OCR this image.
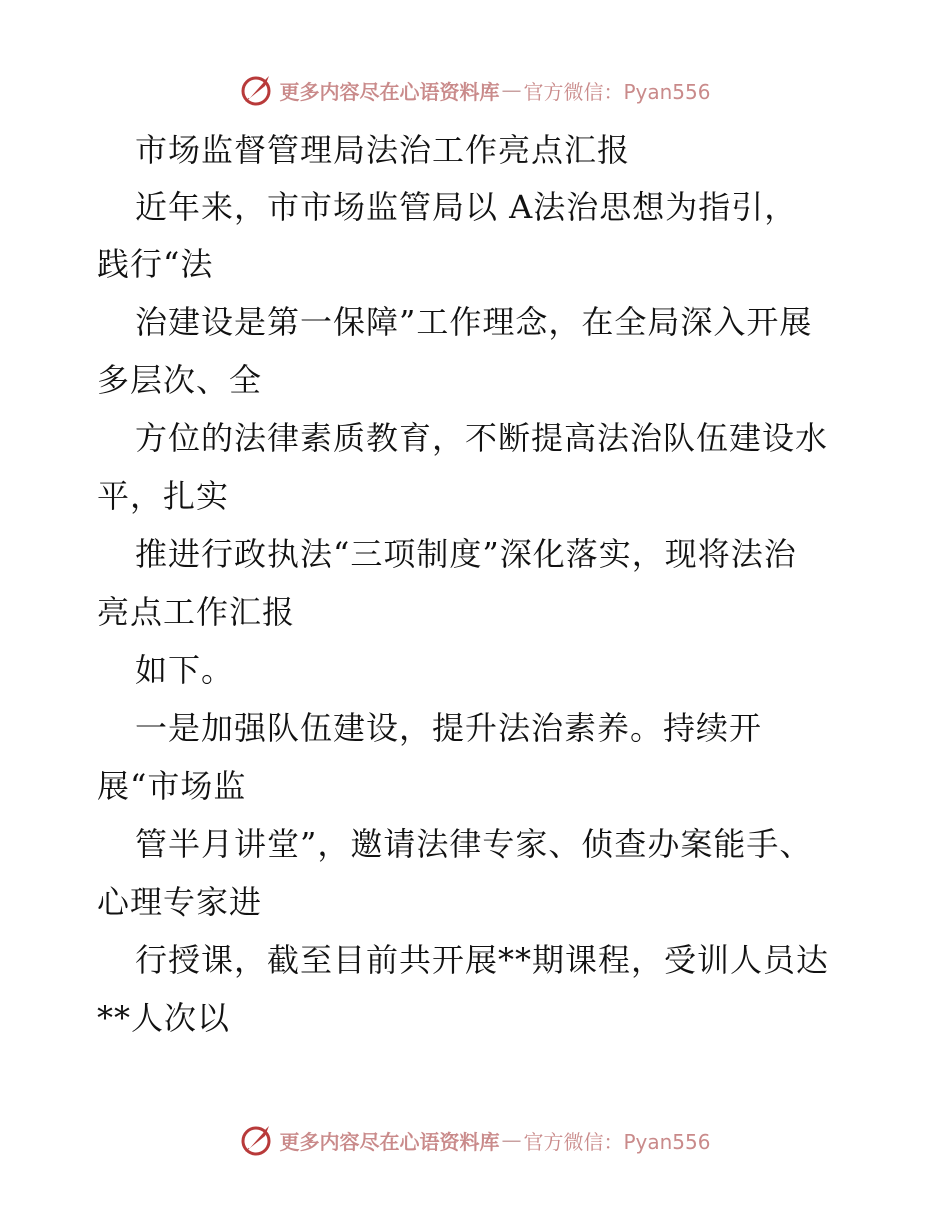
更多内容尽在心语资料库 — 官方微信：Pyan556
市场监督管理局法治工作亮点汇报
近年来，市市场监管局以 A法治思想为指引，
践行“法
治建设是第一保障”工作理念，在全局深入开展
多层次、全
方位的法律素质教育，不断提高法治队伍建设水
平，扎实
推进行政执法“三项制度”深化落实，现将法治
亮点工作汇报
如下。
一是加强队伍建设，提升法治素养。持续开
展“市场监
管半月讲堂”，邀请法律专家、侦查办案能手、
心理专家进
行授课，截至目前共开展**期课程，受训人员达
**人次以
更多内容尽在心语资料库 — 官方微信：Pyan556
